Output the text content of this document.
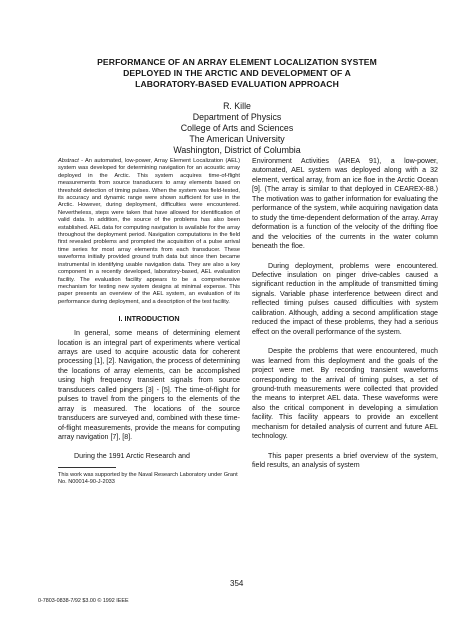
PERFORMANCE OF AN ARRAY ELEMENT LOCALIZATION SYSTEM
DEPLOYED IN THE ARCTIC AND DEVELOPMENT OF A
LABORATORY-BASED EVALUATION APPROACH
R. Kille
Department of Physics
College of Arts and Sciences
The American University
Washington, District of Columbia

Abstract - An automated, low-power, Array Element Localization (AEL) system was developed for determining navigation for an acoustic array deployed in the Arctic. This system acquires time-of-flight measurements from source transducers to array elements based on threshold detection of timing pulses. When the system was field-tested, its accuracy and dynamic range were shown sufficient for use in the Arctic. However, during deployment, difficulties were encountered. Nevertheless, steps were taken that have allowed for identification of valid data. In addition, the source of the problems has also been established. AEL data for computing navigation is available for the array throughout the deployment period. Navigation computations in the field first revealed problems and prompted the acquisition of a pulse arrival time series for most array elements from each transducer. These waveforms initially provided ground truth data but since then became instrumental in identifying usable navigation data. They are also a key component in a recently developed, laboratory-based, AEL evaluation facility. The evaluation facility appears to be a comprehensive mechanism for testing new system designs at minimal expense. This paper presents an overview of the AEL system, an evaluation of its performance during deployment, and a description of the test facility.

I. INTRODUCTION

In general, some means of determining element location is an integral part of experiments where vertical arrays are used to acquire acoustic data for coherent processing [1], [2]. Navigation, the process of determining the locations of array elements, can be accomplished using high frequency transient signals from source transducers called pingers [3] - [5]. The time-of-flight for pulses to travel from the pingers to the elements of the array is measured. The locations of the source transducers are surveyed and, combined with these time-of-flight measurements, provide the means for computing array navigation [7], [8].

During the 1991 Arctic Research and

This work was supported by the Naval Research Laboratory under Grant No. N00014-90-J-2033

Environment Activities (AREA 91), a low-power, automated, AEL system was deployed along with a 32 element, vertical array, from an ice floe in the Arctic Ocean [9]. (The array is similar to that deployed in CEAREX-88.) The motivation was to gather information for evaluating the performance of the system, while acquiring navigation data to study the time-dependent deformation of the array. Array deformation is a function of the velocity of the drifting floe and the velocities of the currents in the water column beneath the floe.

During deployment, problems were encountered. Defective insulation on pinger drive-cables caused a significant reduction in the amplitude of transmitted timing signals. Variable phase interference between direct and reflected timing pulses caused difficulties with system calibration. Although, adding a second amplification stage reduced the impact of these problems, they had a serious effect on the overall performance of the system.

Despite the problems that were encountered, much was learned from this deployment and the goals of the project were met. By recording transient waveforms corresponding to the arrival of timing pulses, a set of ground-truth measurements were collected that provided the means to interpret AEL data. These waveforms were also the critical component in developing a simulation facility. This facility appears to provide an excellent mechanism for detailed analysis of current and future AEL technology.

This paper presents a brief overview of the system, field results, an analysis of system

354
0-7803-0838-7/92 $3.00 © 1992 IEEE
